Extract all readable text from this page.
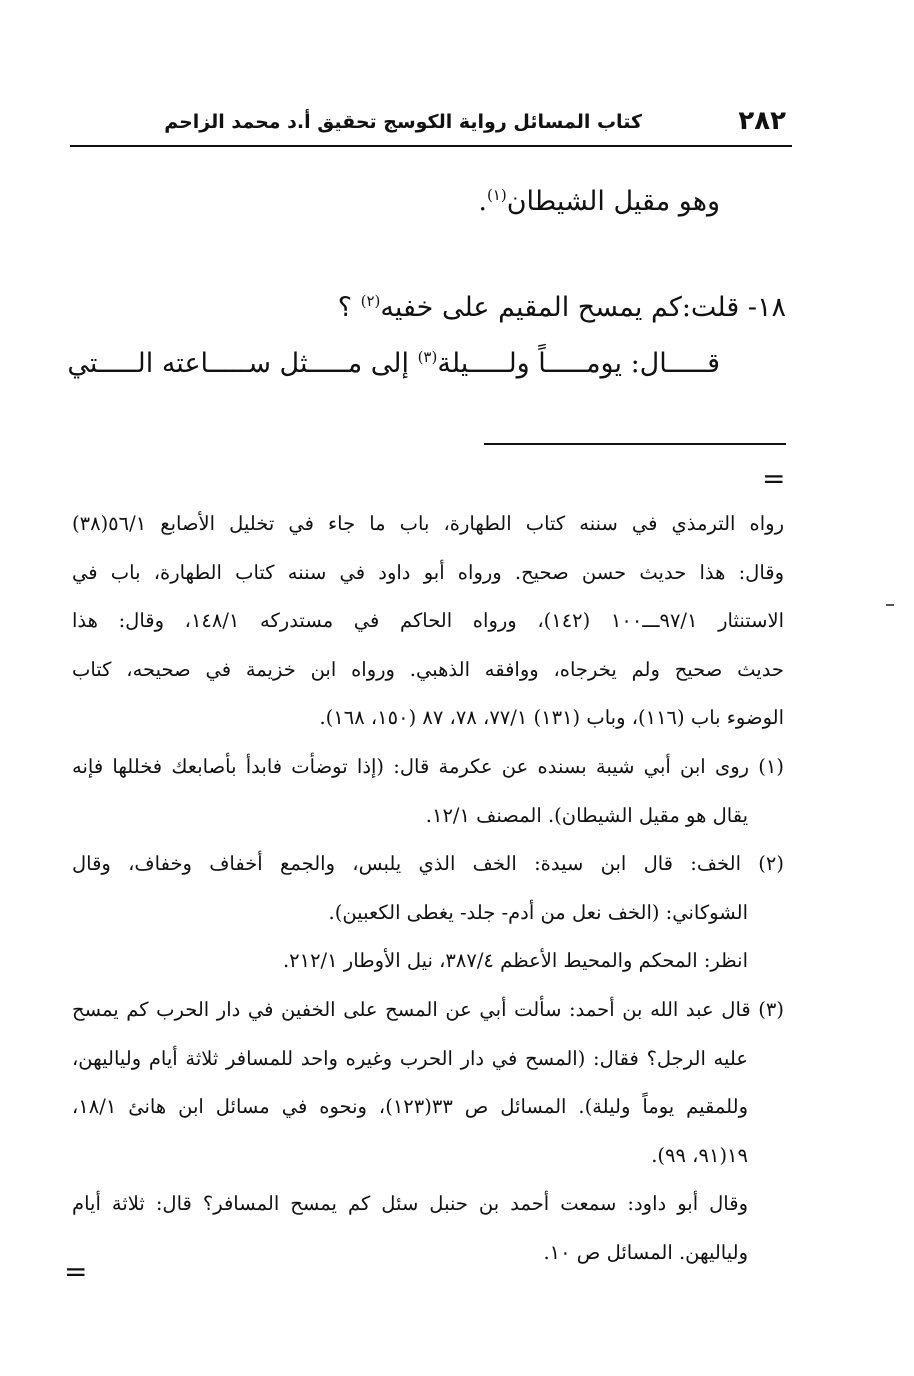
٢٨٢
كتاب المسائل رواية الكوسج تحقيق أ.د محمد الزاحم
وهو مقيل الشيطان$^{(١)}$.
١٨- قلت:كم يمسح المقيم على خفيه$^{(٢)}$ ؟
قـــــال: يومـــــاً ولـــــيلة$^{(٣)}$ إلى مـــــثل ســـــاعته الـــــتي
=
رواه الترمذي في سننه كتاب الطهارة، باب ما جاء في تخليل الأصابع ٥٦/١(٣٨)
وقال: هذا حديث حسن صحيح. ورواه أبو داود في سننه كتاب الطهارة، باب في
الاستنثار ٩٧/١ـــ١٠٠ (١٤٢)، ورواه الحاكم في مستدركه ١٤٨/١، وقال: هذا
حديث صحيح ولم يخرجاه، ووافقه الذهبي. ورواه ابن خزيمة في صحيحه، كتاب
الوضوء باب (١١٦)، وباب (١٣١) ٧٧/١، ٧٨، ٨٧ (١٥٠، ١٦٨).
(١) روى ابن أبي شيبة بسنده عن عكرمة قال: (إذا توضأت فابدأ بأصابعك فخللها فإنه
يقال هو مقيل الشيطان). المصنف ١٢/١.
(٢) الخف: قال ابن سيدة: الخف الذي يلبس، والجمع أخفاف وخفاف، وقال
الشوكاني: (الخف نعل من أدم- جلد- يغطى الكعبين).
انظر: المحكم والمحيط الأعظم ٣٨٧/٤، نيل الأوطار ٢١٢/١.
(٣) قال عبد الله بن أحمد: سألت أبي عن المسح على الخفين في دار الحرب كم يمسح
عليه الرجل؟ فقال: (المسح في دار الحرب وغيره واحد للمسافر ثلاثة أيام ولياليهن،
وللمقيم يوماً وليلة). المسائل ص ٣٣(١٢٣)، ونحوه في مسائل ابن هانئ ١٨/١،
١٩(٩١، ٩٩).
وقال أبو داود: سمعت أحمد بن حنبل سئل كم يمسح المسافر؟ قال: ثلاثة أيام
ولياليهن. المسائل ص ١٠.
=
